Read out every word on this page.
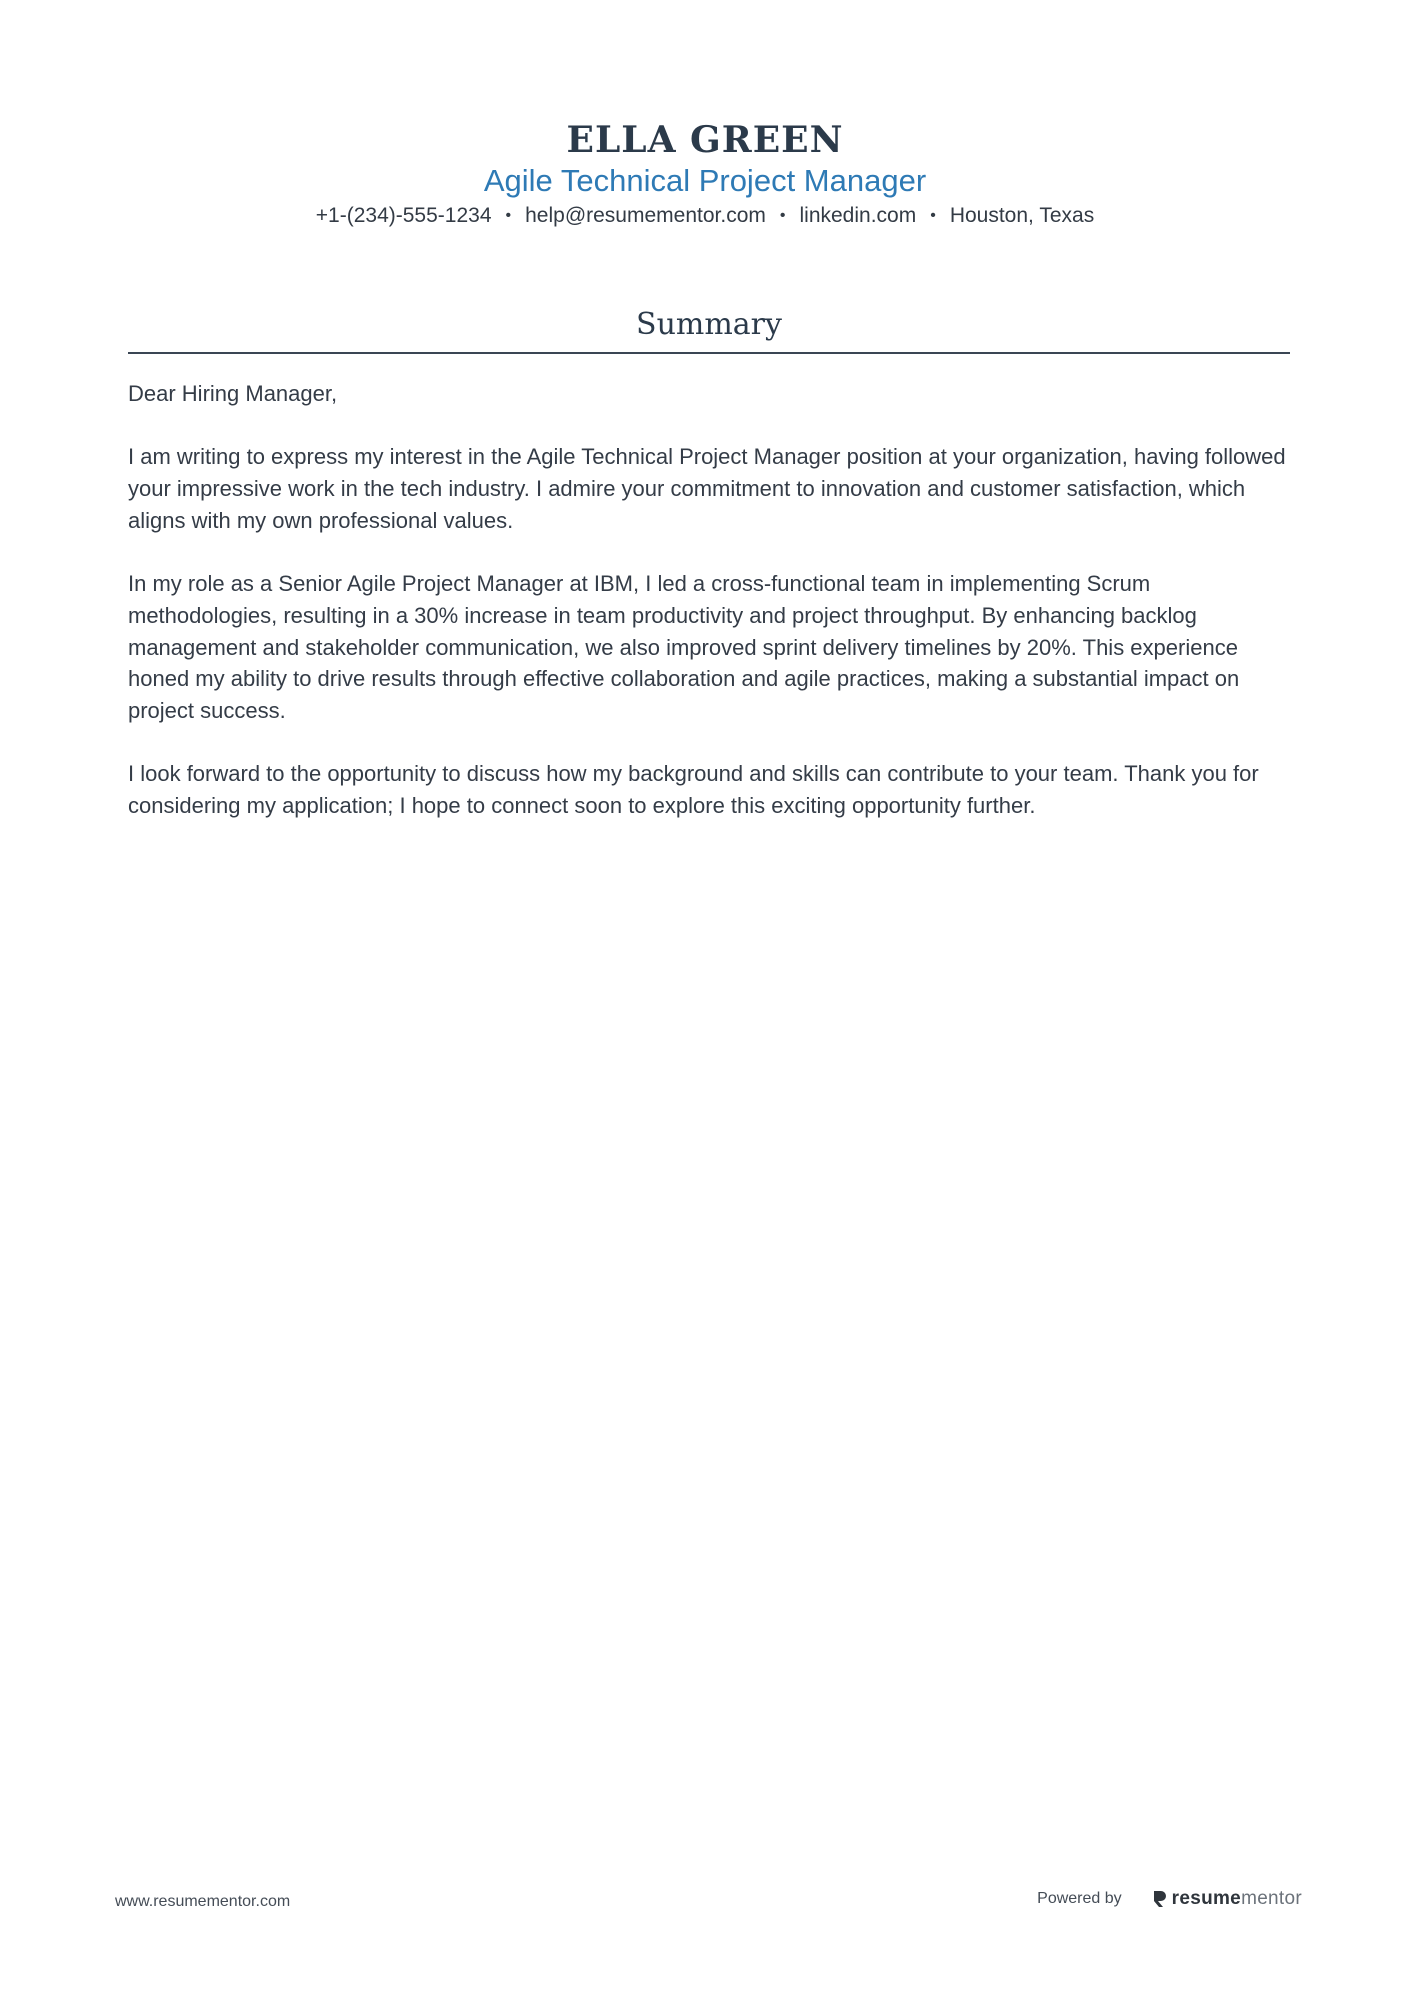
ELLA GREEN
Agile Technical Project Manager
+1-(234)-555-1234 • help@resumementor.com • linkedin.com • Houston, Texas
Summary

Dear Hiring Manager,

I am writing to express my interest in the Agile Technical Project Manager position at your organization, having followed your impressive work in the tech industry. I admire your commitment to innovation and customer satisfaction, which aligns with my own professional values.

In my role as a Senior Agile Project Manager at IBM, I led a cross-functional team in implementing Scrum methodologies, resulting in a 30% increase in team productivity and project throughput. By enhancing backlog management and stakeholder communication, we also improved sprint delivery timelines by 20%. This experience honed my ability to drive results through effective collaboration and agile practices, making a substantial impact on project success.

I look forward to the opportunity to discuss how my background and skills can contribute to your team. Thank you for considering my application; I hope to connect soon to explore this exciting opportunity further.

www.resumementor.com	Powered by	resume mentor
